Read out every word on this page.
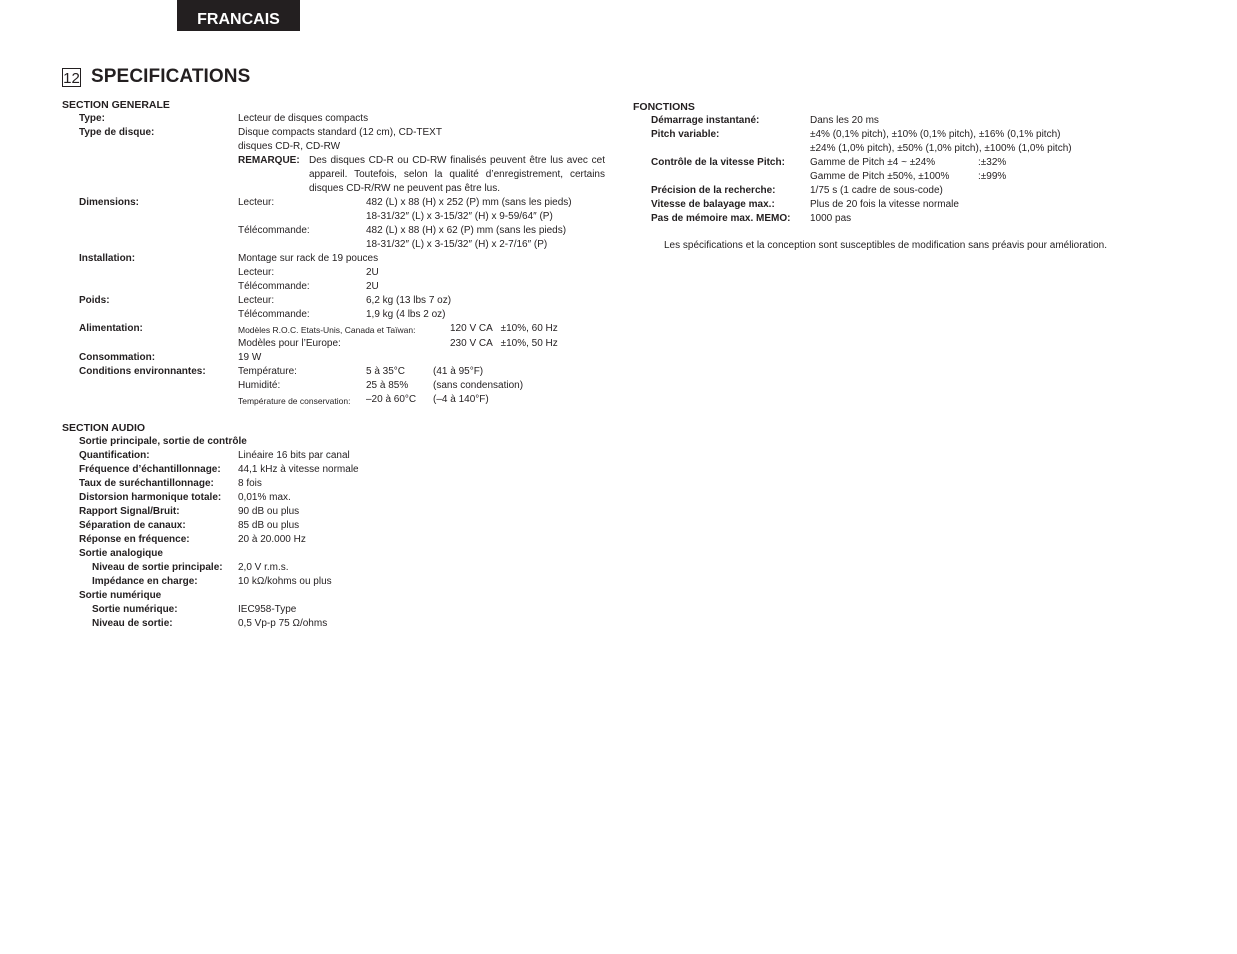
FRANCAIS
12 SPECIFICATIONS
SECTION GENERALE
Type:	Lecteur de disques compacts
Type de disque:	Disque compacts standard (12 cm), CD-TEXT
disques CD-R, CD-RW
REMARQUE: Des disques CD-R ou CD-RW finalisés peuvent être lus avec cet appareil. Toutefois, selon la qualité d’enregistrement, certains disques CD-R/RW ne peuvent pas être lus.
Dimensions:	Lecteur:	482 (L) x 88 (H) x 252 (P) mm (sans les pieds)
18-31/32″ (L) x 3-15/32″ (H) x 9-59/64″ (P)
Télécommande:	482 (L) x 88 (H) x 62 (P) mm (sans les pieds)
18-31/32″ (L) x 3-15/32″ (H) x 2-7/16″ (P)
Installation:	Montage sur rack de 19 pouces
Lecteur:	2U
Télécommande:	2U
Poids:	Lecteur:	6,2 kg (13 lbs 7 oz)
Télécommande:	1,9 kg (4 lbs 2 oz)
Alimentation:	Modèles R.O.C. Etats-Unis, Canada et Taïwan:	120 V CA   ±10%, 60 Hz
Modèles pour l’Europe:	230 V CA   ±10%, 50 Hz
Consommation:	19 W
Conditions environnantes:	Température:	5 à 35°C	(41 à 95°F)
Humidité:	25 à 85% (sans condensation)
Température de conservation: –20 à 60°C (–4 à 140°F)
SECTION AUDIO
Sortie principale, sortie de contrôle
Quantification:	Linéaire 16 bits par canal
Fréquence d’échantillonnage: 44,1 kHz à vitesse normale
Taux de suréchantillonnage: 8 fois
Distorsion harmonique totale: 0,01% max.
Rapport Signal/Bruit:	90 dB ou plus
Séparation de canaux:	85 dB ou plus
Réponse en fréquence:	20 à 20.000 Hz
Sortie analogique
Niveau de sortie principale: 2,0 V r.m.s.
Impédance en charge:	10 kΩ/kohms ou plus
Sortie numérique
Sortie numérique:	IEC958-Type
Niveau de sortie:	0,5 Vp-p 75 Ω/ohms
FONCTIONS
Démarrage instantané:	Dans les 20 ms
Pitch variable:	±4% (0,1% pitch), ±10% (0,1% pitch), ±16% (0,1% pitch)
±24% (1,0% pitch), ±50% (1,0% pitch), ±100% (1,0% pitch)
Contrôle de la vitesse Pitch:	Gamme de Pitch ±4 ~ ±24%	:±32%
Gamme de Pitch ±50%, ±100%	:±99%
Précision de la recherche:	1/75 s (1 cadre de sous-code)
Vitesse de balayage max.:	Plus de 20 fois la vitesse normale
Pas de mémoire max. MEMO: 1000 pas
Les spécifications et la conception sont susceptibles de modification sans préavis pour amélioration.
